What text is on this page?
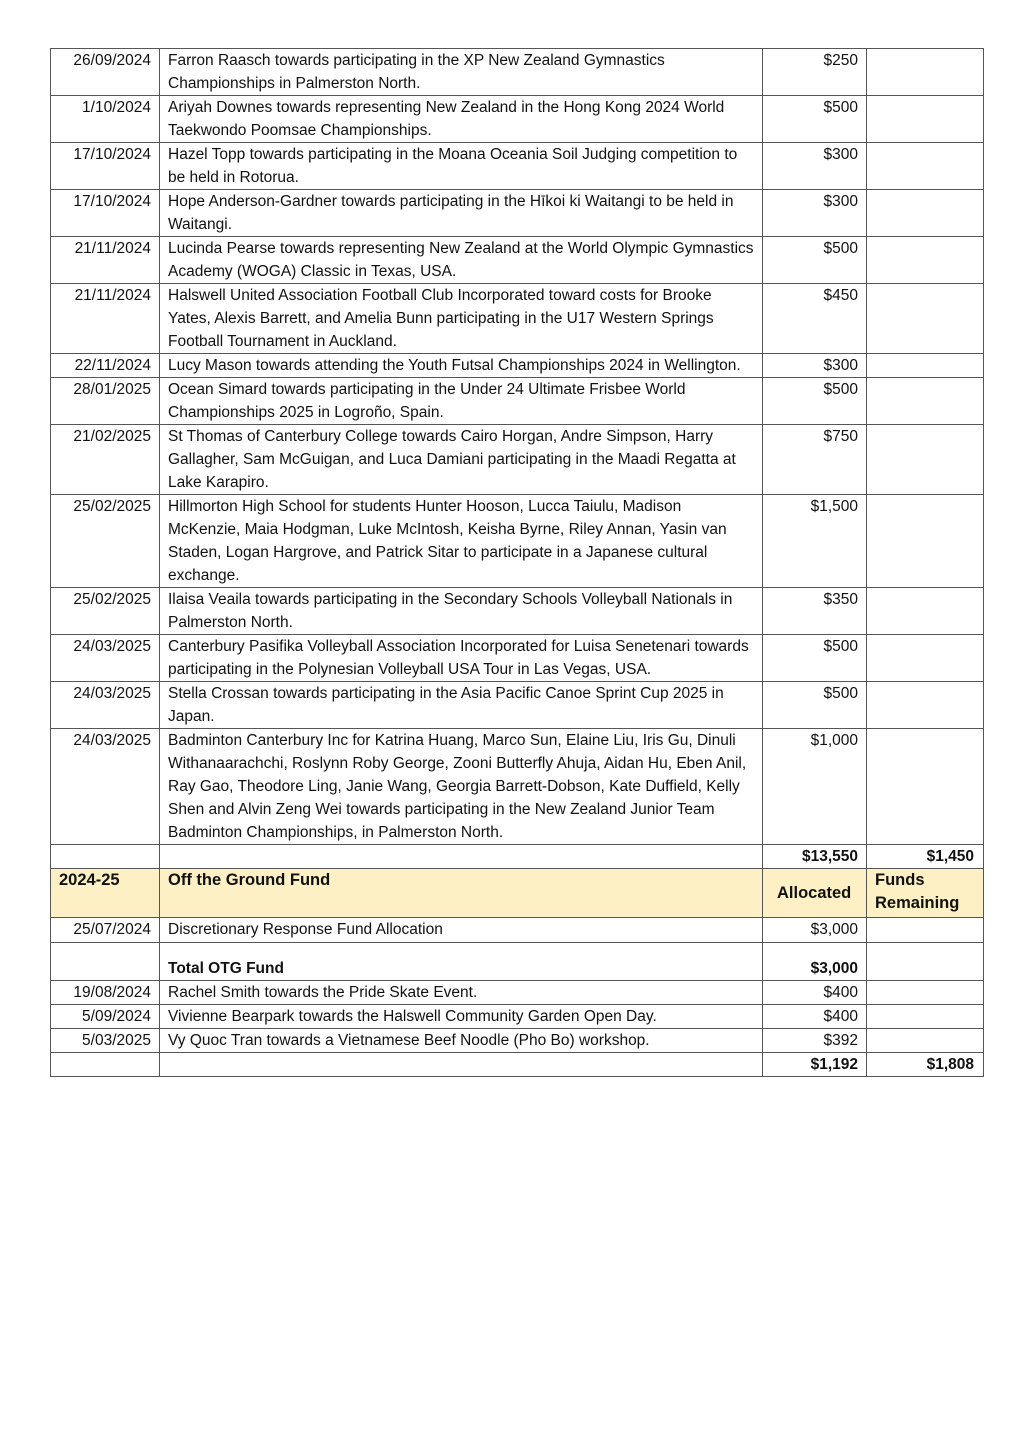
26/09/2024	Farron Raasch towards participating in the XP New Zealand Gymnastics Championships in Palmerston North.	$250	
1/10/2024	Ariyah Downes towards representing New Zealand in the Hong Kong 2024 World Taekwondo Poomsae Championships.	$500	
17/10/2024	Hazel Topp towards participating in the Moana Oceania Soil Judging competition to be held in Rotorua.	$300	
17/10/2024	Hope Anderson-Gardner towards participating in the Hīkoi ki Waitangi to be held in Waitangi.	$300	
21/11/2024	Lucinda Pearse towards representing New Zealand at the World Olympic Gymnastics Academy (WOGA) Classic in Texas, USA.	$500	
21/11/2024	Halswell United Association Football Club Incorporated toward costs for Brooke Yates, Alexis Barrett, and Amelia Bunn participating in the U17 Western Springs Football Tournament in Auckland.	$450	
22/11/2024	Lucy Mason towards attending the Youth Futsal Championships 2024 in Wellington.	$300	
28/01/2025	Ocean Simard towards participating in the Under 24 Ultimate Frisbee World Championships 2025 in Logroño, Spain.	$500	
21/02/2025	St Thomas of Canterbury College towards Cairo Horgan, Andre Simpson, Harry Gallagher, Sam McGuigan, and Luca Damiani participating in the Maadi Regatta at Lake Karapiro.	$750	
25/02/2025	Hillmorton High School for students Hunter Hooson, Lucca Taiulu, Madison McKenzie, Maia Hodgman, Luke McIntosh, Keisha Byrne, Riley Annan, Yasin van Staden, Logan Hargrove, and Patrick Sitar to participate in a Japanese cultural exchange.	$1,500	
25/02/2025	Ilaisa Veaila towards participating in the Secondary Schools Volleyball Nationals in Palmerston North.	$350	
24/03/2025	Canterbury Pasifika Volleyball Association Incorporated for Luisa Senetenari towards participating in the Polynesian Volleyball USA Tour in Las Vegas, USA.	$500	
24/03/2025	Stella Crossan towards participating in the Asia Pacific Canoe Sprint Cup 2025 in Japan.	$500	
24/03/2025	Badminton Canterbury Inc for Katrina Huang, Marco Sun, Elaine Liu, Iris Gu, Dinuli Withanaarachchi, Roslynn Roby George, Zooni Butterfly Ahuja, Aidan Hu, Eben Anil, Ray Gao, Theodore Ling, Janie Wang, Georgia Barrett-Dobson, Kate Duffield, Kelly Shen and Alvin Zeng Wei towards participating in the New Zealand Junior Team Badminton Championships, in Palmerston North.	$1,000	
		$13,550	$1,450
2024-25	Off the Ground Fund	Allocated	Funds Remaining
25/07/2024	Discretionary Response Fund Allocation	$3,000	
	Total OTG Fund	$3,000	
19/08/2024	Rachel Smith towards the Pride Skate Event.	$400	
5/09/2024	Vivienne Bearpark towards the Halswell Community Garden Open Day.	$400	
5/03/2025	Vy Quoc Tran towards a Vietnamese Beef Noodle (Pho Bo) workshop.	$392	
		$1,192	$1,808
